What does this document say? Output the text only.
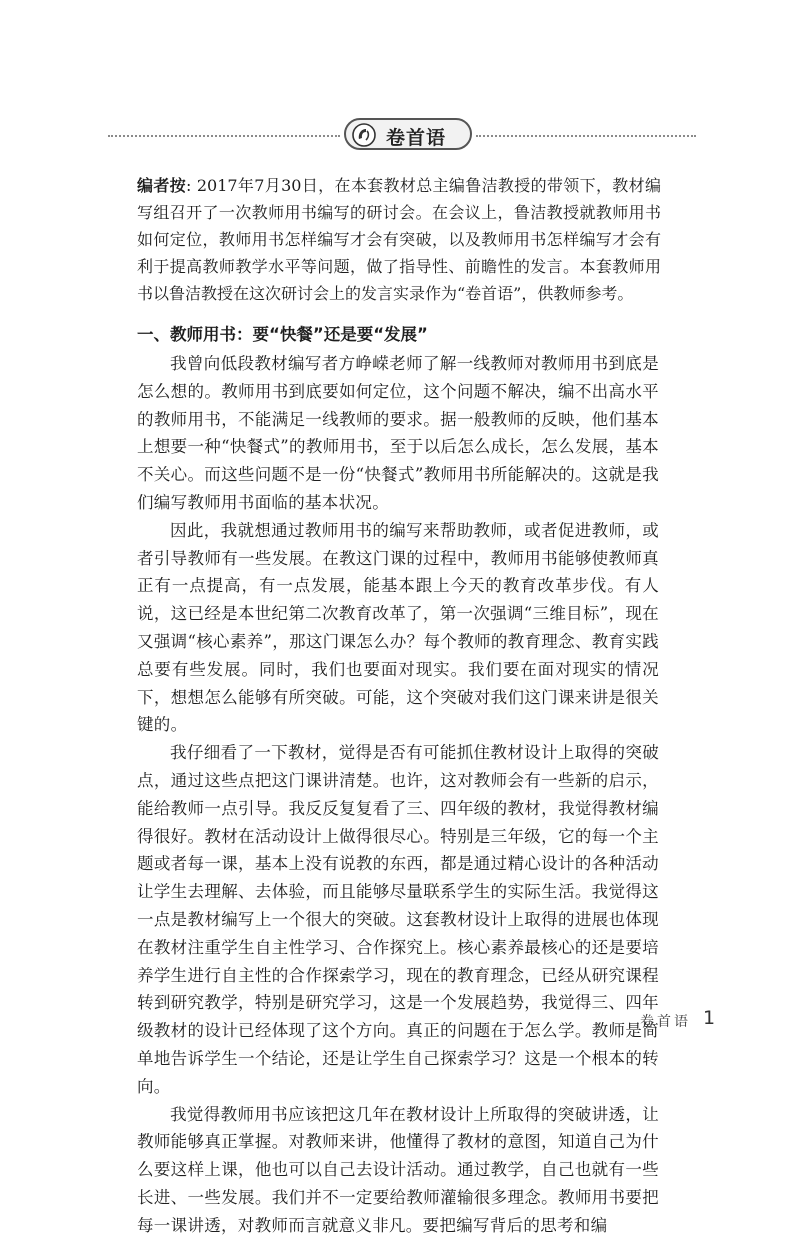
卷首语

编者按: 2017年7月30日，在本套教材总主编鲁洁教授的带领下，教材编写组召开了一次教师用书编写的研讨会。在会议上，鲁洁教授就教师用书如何定位，教师用书怎样编写才会有突破，以及教师用书怎样编写才会有利于提高教师教学水平等问题，做了指导性、前瞻性的发言。本套教师用书以鲁洁教授在这次研讨会上的发言实录作为“卷首语”，供教师参考。

一、教师用书：要“快餐”还是要“发展”

我曾向低段教材编写者方峥嵘老师了解一线教师对教师用书到底是怎么想的。教师用书到底要如何定位，这个问题不解决，编不出高水平的教师用书，不能满足一线教师的要求。据一般教师的反映，他们基本上想要一种“快餐式”的教师用书，至于以后怎么成长，怎么发展，基本不关心。而这些问题不是一份“快餐式”教师用书所能解决的。这就是我们编写教师用书面临的基本状况。

因此，我就想通过教师用书的编写来帮助教师，或者促进教师，或者引导教师有一些发展。在教这门课的过程中，教师用书能够使教师真正有一点提高，有一点发展，能基本跟上今天的教育改革步伐。有人说，这已经是本世纪第二次教育改革了，第一次强调“三维目标”，现在又强调“核心素养”，那这门课怎么办？每个教师的教育理念、教育实践总要有些发展。同时，我们也要面对现实。我们要在面对现实的情况下，想想怎么能够有所突破。可能，这个突破对我们这门课来讲是很关键的。

我仔细看了一下教材，觉得是否有可能抓住教材设计上取得的突破点，通过这些点把这门课讲清楚。也许，这对教师会有一些新的启示，能给教师一点引导。我反反复复看了三、四年级的教材，我觉得教材编得很好。教材在活动设计上做得很尽心。特别是三年级，它的每一个主题或者每一课，基本上没有说教的东西，都是通过精心设计的各种活动让学生去理解、去体验，而且能够尽量联系学生的实际生活。我觉得这一点是教材编写上一个很大的突破。这套教材设计上取得的进展也体现在教材注重学生自主性学习、合作探究上。核心素养最核心的还是要培养学生进行自主性的合作探索学习，现在的教育理念，已经从研究课程转到研究教学，特别是研究学习，这是一个发展趋势，我觉得三、四年级教材的设计已经体现了这个方向。真正的问题在于怎么学。教师是简单地告诉学生一个结论，还是让学生自己探索学习？这是一个根本的转向。

我觉得教师用书应该把这几年在教材设计上所取得的突破讲透，让教师能够真正掌握。对教师来讲，他懂得了教材的意图，知道自己为什么要这样上课，他也可以自己去设计活动。通过教学，自己也就有一些长进、一些发展。我们并不一定要给教师灌输很多理念。教师用书要把每一课讲透，对教师而言就意义非凡。要把编写背后的思考和编

卷首语 1
